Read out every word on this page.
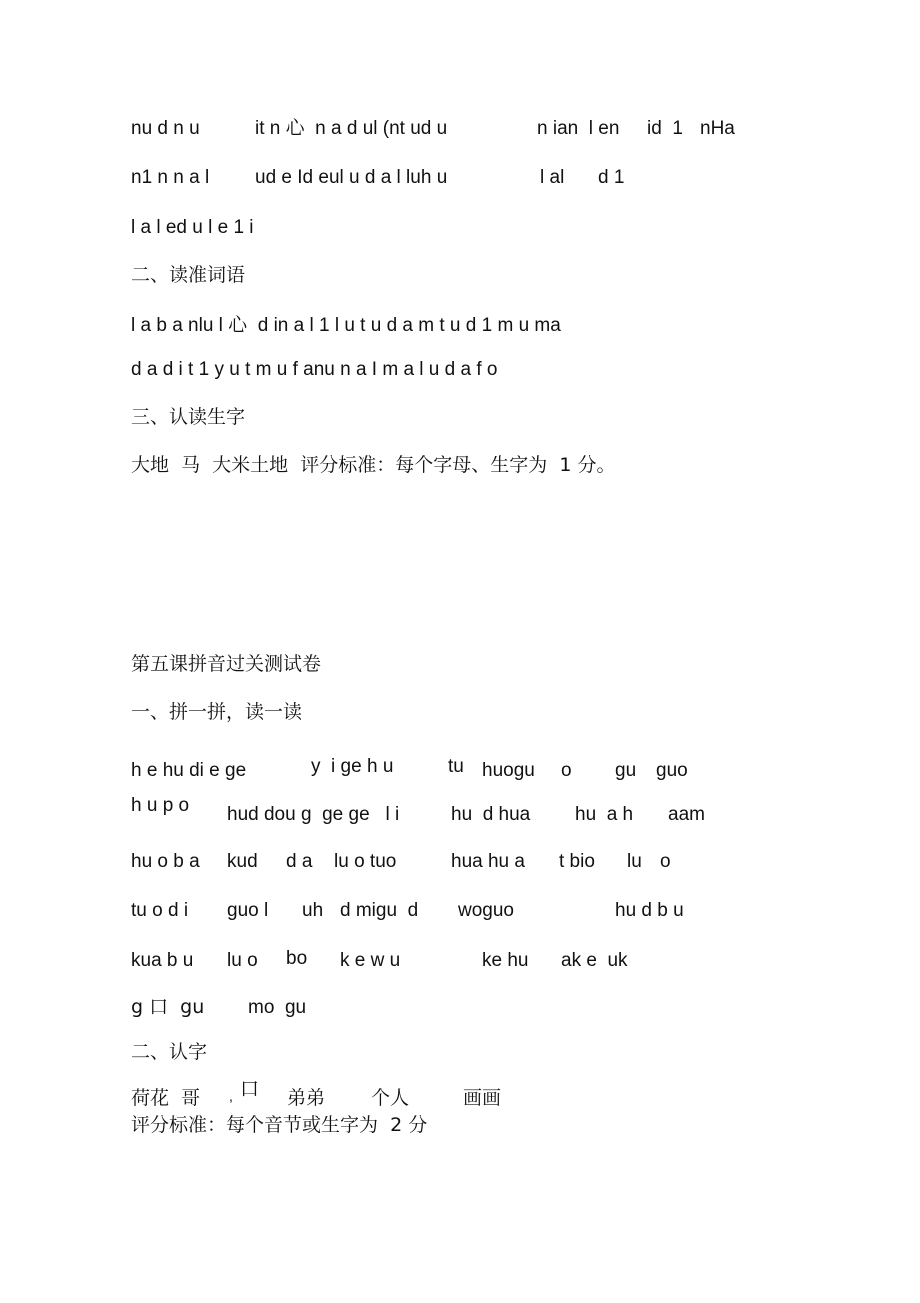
nu d n u	it n 心  n a d ul (nt ud u	n ian  l en id  1 nHa
n1 n n a l ud e Id eul u d a l luh u	l al d 1
l a l ed u l e 1 i
二、读准词语
l a b a nlu l 心  d in a l 1 l u t u d a m t u d 1 m u ma
d a d i t 1 y u t m u f anu n a I m a l u d a f o
三、认读生字
大地  马  大米土地  评分标准：每个字母、生字为  1 分。
第五课拼音过关测试卷
一、拼一拼，读一读
h e hu di e ge	y  i ge h u	tu huogu o gu guo
h u p o hud dou g  ge ge   l i	hu  d hua hu  a h aam
hu o b a kud d a lu o tuo	hua hu a t bio lu o
tu o d i guo l uh d migu  d woguo	hu d b u
kua b u lu o bo k e w u	ke hu ak e  uk
g 口  gu mo  gu
二、认字
荷花  哥 , 口 弟弟 个人	画画
评分标准：每个音节或生字为  2 分
